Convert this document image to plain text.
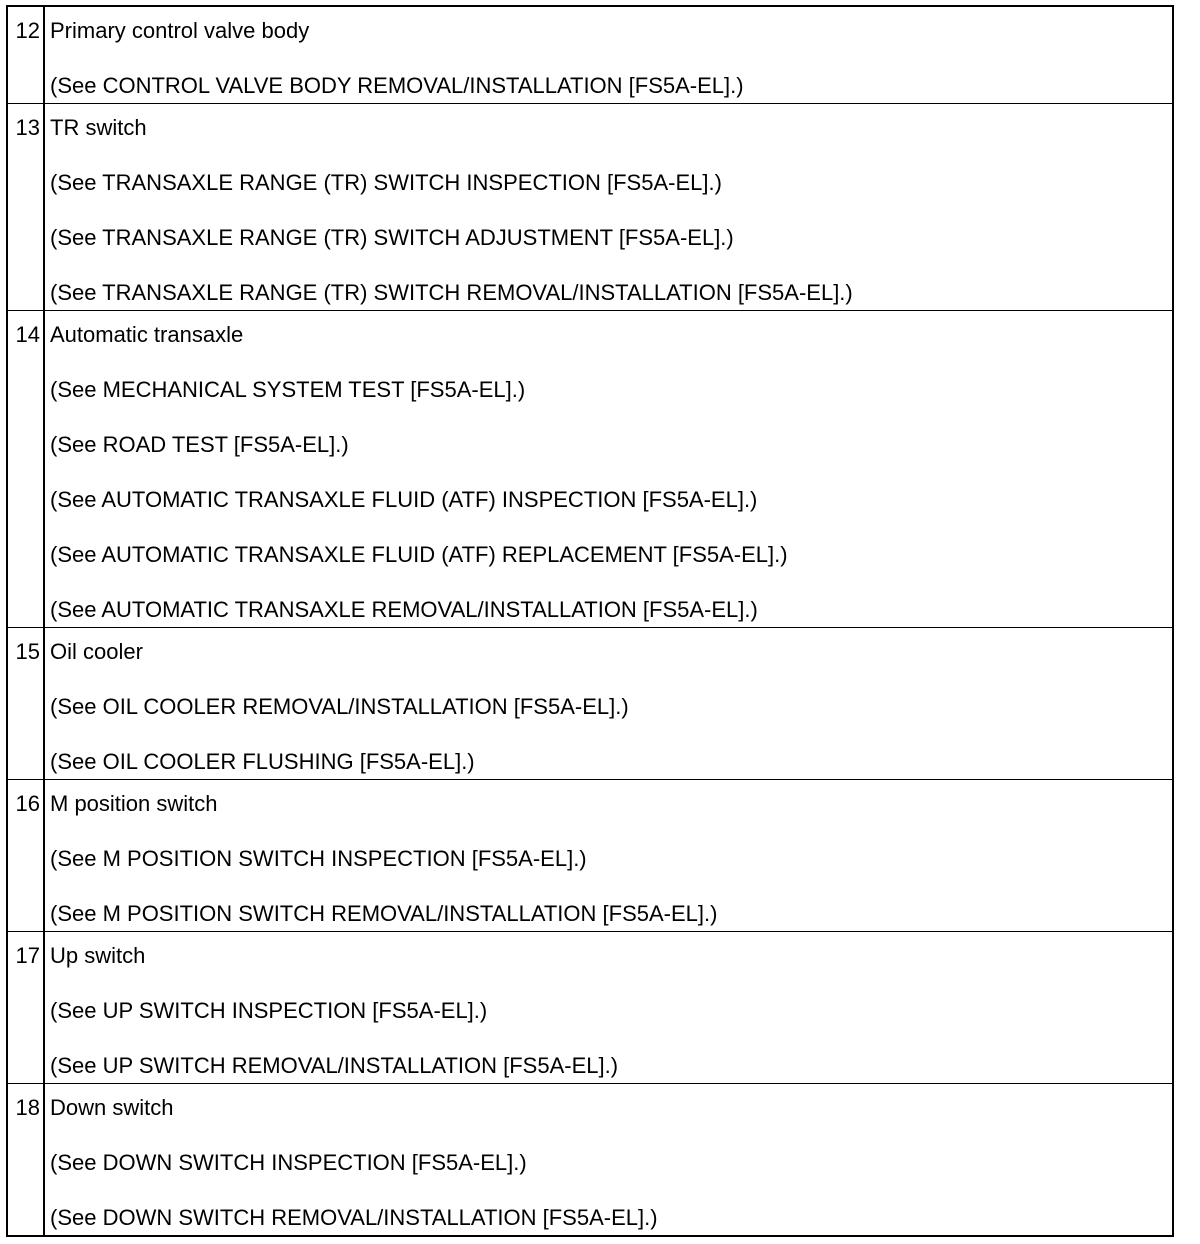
12 Primary control valve body
(See CONTROL VALVE BODY REMOVAL/INSTALLATION [FS5A-EL].)
13 TR switch
(See TRANSAXLE RANGE (TR) SWITCH INSPECTION [FS5A-EL].)
(See TRANSAXLE RANGE (TR) SWITCH ADJUSTMENT [FS5A-EL].)
(See TRANSAXLE RANGE (TR) SWITCH REMOVAL/INSTALLATION [FS5A-EL].)
14 Automatic transaxle
(See MECHANICAL SYSTEM TEST [FS5A-EL].)
(See ROAD TEST [FS5A-EL].)
(See AUTOMATIC TRANSAXLE FLUID (ATF) INSPECTION [FS5A-EL].)
(See AUTOMATIC TRANSAXLE FLUID (ATF) REPLACEMENT [FS5A-EL].)
(See AUTOMATIC TRANSAXLE REMOVAL/INSTALLATION [FS5A-EL].)
15 Oil cooler
(See OIL COOLER REMOVAL/INSTALLATION [FS5A-EL].)
(See OIL COOLER FLUSHING [FS5A-EL].)
16 M position switch
(See M POSITION SWITCH INSPECTION [FS5A-EL].)
(See M POSITION SWITCH REMOVAL/INSTALLATION [FS5A-EL].)
17 Up switch
(See UP SWITCH INSPECTION [FS5A-EL].)
(See UP SWITCH REMOVAL/INSTALLATION [FS5A-EL].)
18 Down switch
(See DOWN SWITCH INSPECTION [FS5A-EL].)
(See DOWN SWITCH REMOVAL/INSTALLATION [FS5A-EL].)
